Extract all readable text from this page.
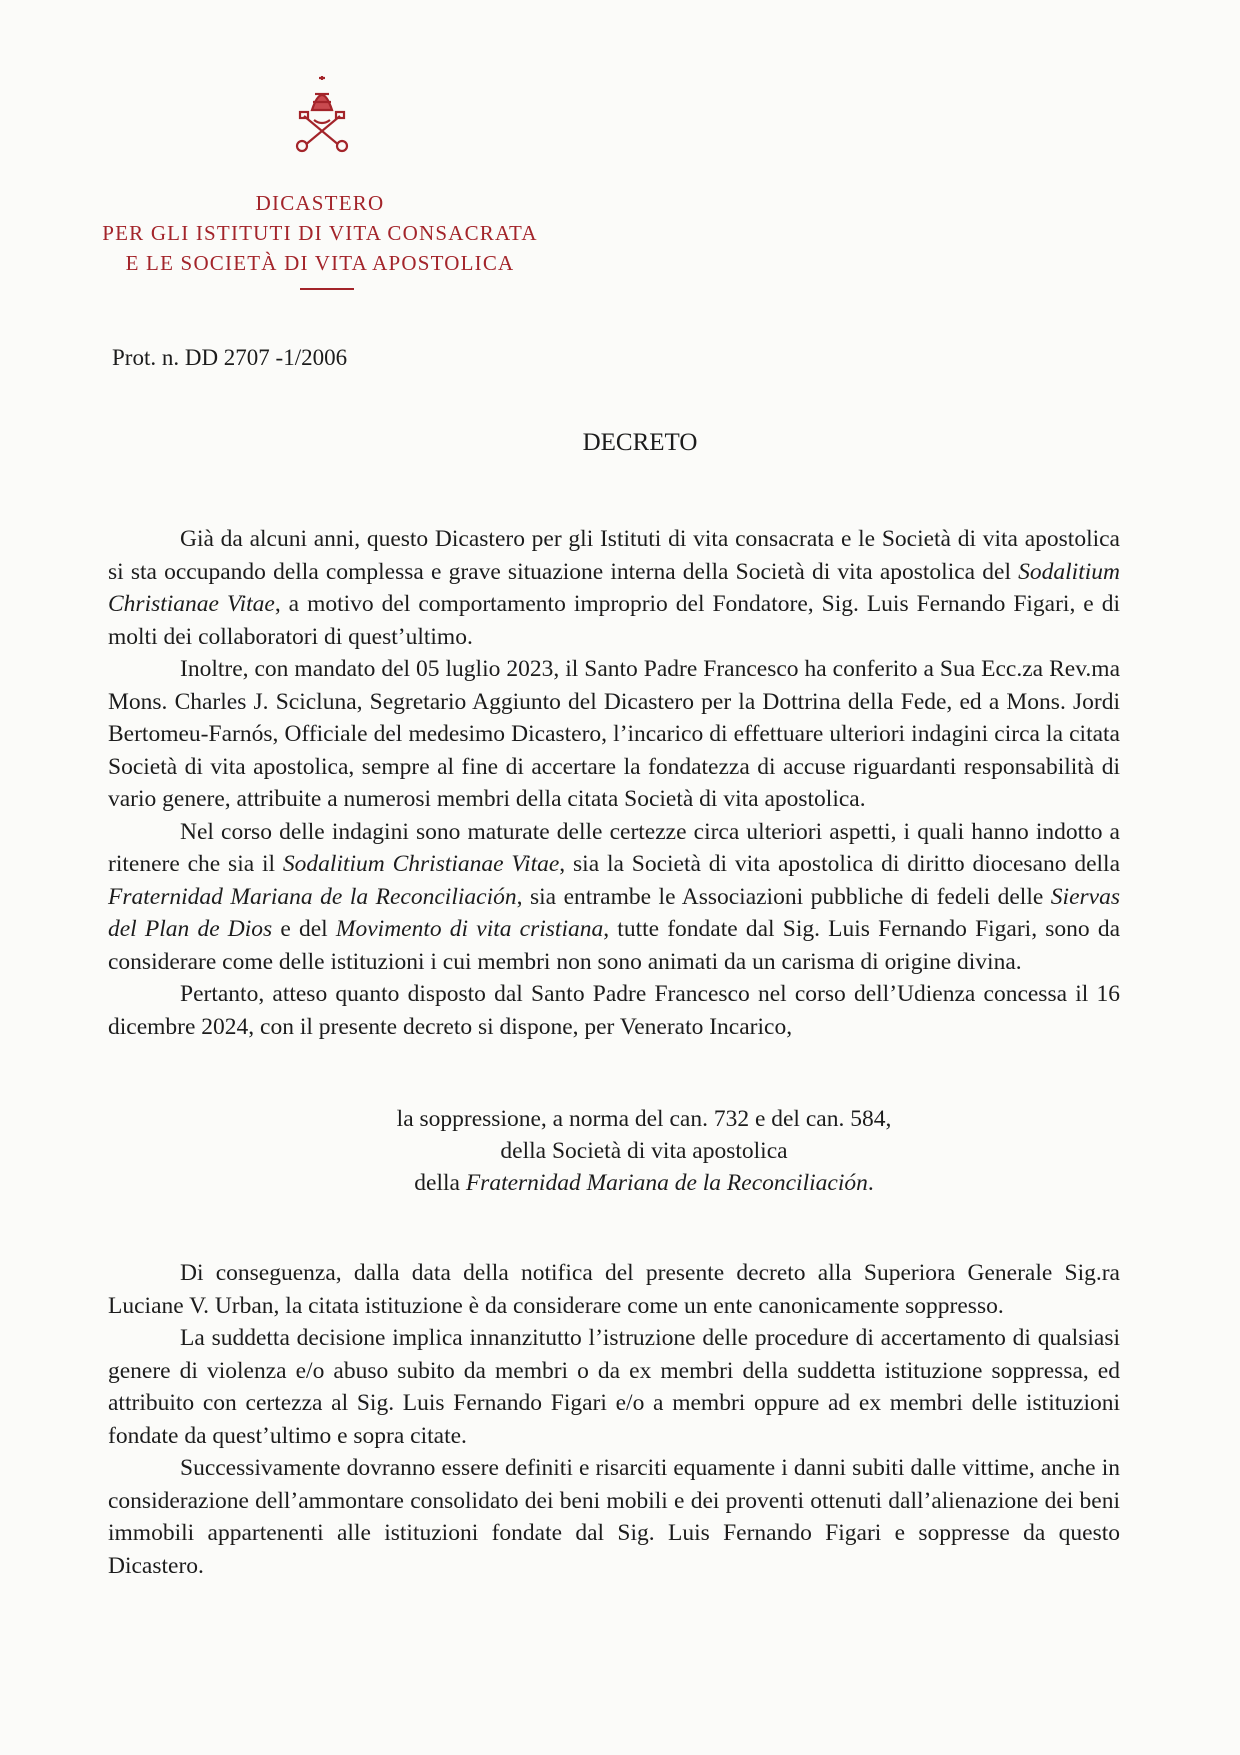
DICASTERO
PER GLI ISTITUTI DI VITA CONSACRATA
E LE SOCIETÀ DI VITA APOSTOLICA
Prot. n. DD 2707 -1/2006
DECRETO

Già da alcuni anni, questo Dicastero per gli Istituti di vita consacrata e le Società di vita apostolica si sta occupando della complessa e grave situazione interna della Società di vita apostolica del Sodalitium Christianae Vitae, a motivo del comportamento improprio del Fondatore, Sig. Luis Fernando Figari, e di molti dei collaboratori di quest’ultimo.

Inoltre, con mandato del 05 luglio 2023, il Santo Padre Francesco ha conferito a Sua Ecc.za Rev.ma Mons. Charles J. Scicluna, Segretario Aggiunto del Dicastero per la Dottrina della Fede, ed a Mons. Jordi Bertomeu-Farnós, Officiale del medesimo Dicastero, l’incarico di effettuare ulteriori indagini circa la citata Società di vita apostolica, sempre al fine di accertare la fondatezza di accuse riguardanti responsabilità di vario genere, attribuite a numerosi membri della citata Società di vita apostolica.

Nel corso delle indagini sono maturate delle certezze circa ulteriori aspetti, i quali hanno indotto a ritenere che sia il Sodalitium Christianae Vitae, sia la Società di vita apostolica di diritto diocesano della Fraternidad Mariana de la Reconciliación, sia entrambe le Associazioni pubbliche di fedeli delle Siervas del Plan de Dios e del Movimento di vita cristiana, tutte fondate dal Sig. Luis Fernando Figari, sono da considerare come delle istituzioni i cui membri non sono animati da un carisma di origine divina.

Pertanto, atteso quanto disposto dal Santo Padre Francesco nel corso dell’Udienza concessa il 16 dicembre 2024, con il presente decreto si dispone, per Venerato Incarico,

la soppressione, a norma del can. 732 e del can. 584,
della Società di vita apostolica
della Fraternidad Mariana de la Reconciliación.

Di conseguenza, dalla data della notifica del presente decreto alla Superiora Generale Sig.ra Luciane V. Urban, la citata istituzione è da considerare come un ente canonicamente soppresso.

La suddetta decisione implica innanzitutto l’istruzione delle procedure di accertamento di qualsiasi genere di violenza e/o abuso subito da membri o da ex membri della suddetta istituzione soppressa, ed attribuito con certezza al Sig. Luis Fernando Figari e/o a membri oppure ad ex membri delle istituzioni fondate da quest’ultimo e sopra citate.

Successivamente dovranno essere definiti e risarciti equamente i danni subiti dalle vittime, anche in considerazione dell’ammontare consolidato dei beni mobili e dei proventi ottenuti dall’alienazione dei beni immobili appartenenti alle istituzioni fondate dal Sig. Luis Fernando Figari e soppresse da questo Dicastero.
